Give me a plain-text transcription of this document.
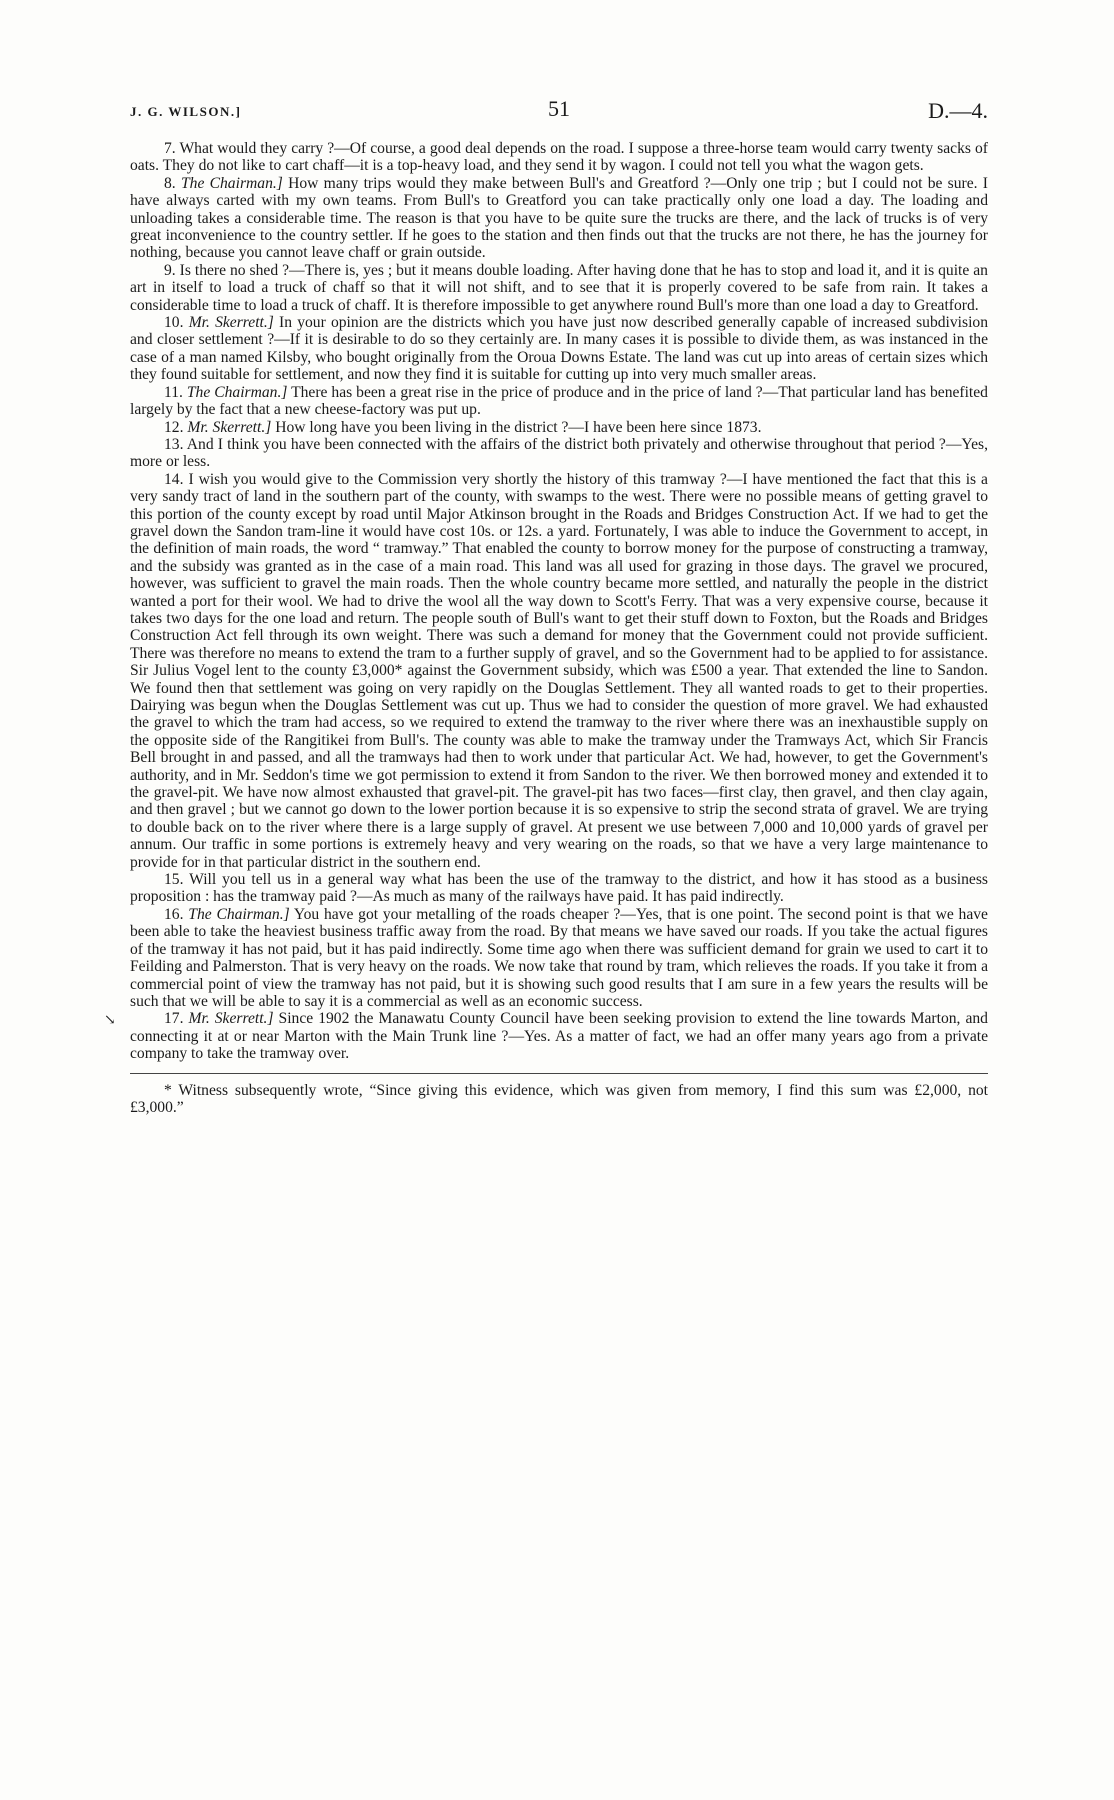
J. G. WILSON.]	51	D.—4.
↘

7. What would they carry ?—Of course, a good deal depends on the road. I suppose a three-horse team would carry twenty sacks of oats. They do not like to cart chaff—it is a top-heavy load, and they send it by wagon. I could not tell you what the wagon gets.

8. The Chairman.] How many trips would they make between Bull's and Greatford ?—Only one trip ; but I could not be sure. I have always carted with my own teams. From Bull's to Greatford you can take practically only one load a day. The loading and unloading takes a considerable time. The reason is that you have to be quite sure the trucks are there, and the lack of trucks is of very great inconvenience to the country settler. If he goes to the station and then finds out that the trucks are not there, he has the journey for nothing, because you cannot leave chaff or grain outside.

9. Is there no shed ?—There is, yes ; but it means double loading. After having done that he has to stop and load it, and it is quite an art in itself to load a truck of chaff so that it will not shift, and to see that it is properly covered to be safe from rain. It takes a considerable time to load a truck of chaff. It is therefore impossible to get anywhere round Bull's more than one load a day to Greatford.

10. Mr. Skerrett.] In your opinion are the districts which you have just now described generally capable of increased subdivision and closer settlement ?—If it is desirable to do so they certainly are. In many cases it is possible to divide them, as was instanced in the case of a man named Kilsby, who bought originally from the Oroua Downs Estate. The land was cut up into areas of certain sizes which they found suitable for settlement, and now they find it is suitable for cutting up into very much smaller areas.

11. The Chairman.] There has been a great rise in the price of produce and in the price of land ?—That particular land has benefited largely by the fact that a new cheese-factory was put up.

12. Mr. Skerrett.] How long have you been living in the district ?—I have been here since 1873.

13. And I think you have been connected with the affairs of the district both privately and otherwise throughout that period ?—Yes, more or less.

14. I wish you would give to the Commission very shortly the history of this tramway ?—I have mentioned the fact that this is a very sandy tract of land in the southern part of the county, with swamps to the west. There were no possible means of getting gravel to this portion of the county except by road until Major Atkinson brought in the Roads and Bridges Construction Act. If we had to get the gravel down the Sandon tram-line it would have cost 10s. or 12s. a yard. Fortunately, I was able to induce the Government to accept, in the definition of main roads, the word “ tramway.” That enabled the county to borrow money for the purpose of constructing a tramway, and the subsidy was granted as in the case of a main road. This land was all used for grazing in those days. The gravel we procured, however, was sufficient to gravel the main roads. Then the whole country became more settled, and naturally the people in the district wanted a port for their wool. We had to drive the wool all the way down to Scott's Ferry. That was a very expensive course, because it takes two days for the one load and return. The people south of Bull's want to get their stuff down to Foxton, but the Roads and Bridges Construction Act fell through its own weight. There was such a demand for money that the Government could not provide sufficient. There was therefore no means to extend the tram to a further supply of gravel, and so the Government had to be applied to for assistance. Sir Julius Vogel lent to the county £3,000* against the Government subsidy, which was £500 a year. That extended the line to Sandon. We found then that settlement was going on very rapidly on the Douglas Settlement. They all wanted roads to get to their properties. Dairying was begun when the Douglas Settlement was cut up. Thus we had to consider the question of more gravel. We had exhausted the gravel to which the tram had access, so we required to extend the tramway to the river where there was an inexhaustible supply on the opposite side of the Rangitikei from Bull's. The county was able to make the tramway under the Tramways Act, which Sir Francis Bell brought in and passed, and all the tramways had then to work under that particular Act. We had, however, to get the Government's authority, and in Mr. Seddon's time we got permission to extend it from Sandon to the river. We then borrowed money and extended it to the gravel-pit. We have now almost exhausted that gravel-pit. The gravel-pit has two faces—first clay, then gravel, and then clay again, and then gravel ; but we cannot go down to the lower portion because it is so expensive to strip the second strata of gravel. We are trying to double back on to the river where there is a large supply of gravel. At present we use between 7,000 and 10,000 yards of gravel per annum. Our traffic in some portions is extremely heavy and very wearing on the roads, so that we have a very large maintenance to provide for in that particular district in the southern end.

15. Will you tell us in a general way what has been the use of the tramway to the district, and how it has stood as a business proposition : has the tramway paid ?—As much as many of the railways have paid. It has paid indirectly.

16. The Chairman.] You have got your metalling of the roads cheaper ?—Yes, that is one point. The second point is that we have been able to take the heaviest business traffic away from the road. By that means we have saved our roads. If you take the actual figures of the tramway it has not paid, but it has paid indirectly. Some time ago when there was sufficient demand for grain we used to cart it to Feilding and Palmerston. That is very heavy on the roads. We now take that round by tram, which relieves the roads. If you take it from a commercial point of view the tramway has not paid, but it is showing such good results that I am sure in a few years the results will be such that we will be able to say it is a commercial as well as an economic success.

17. Mr. Skerrett.] Since 1902 the Manawatu County Council have been seeking provision to extend the line towards Marton, and connecting it at or near Marton with the Main Trunk line ?—Yes. As a matter of fact, we had an offer many years ago from a private company to take the tramway over.

* Witness subsequently wrote, “Since giving this evidence, which was given from memory, I find this sum was £2,000, not £3,000.”
